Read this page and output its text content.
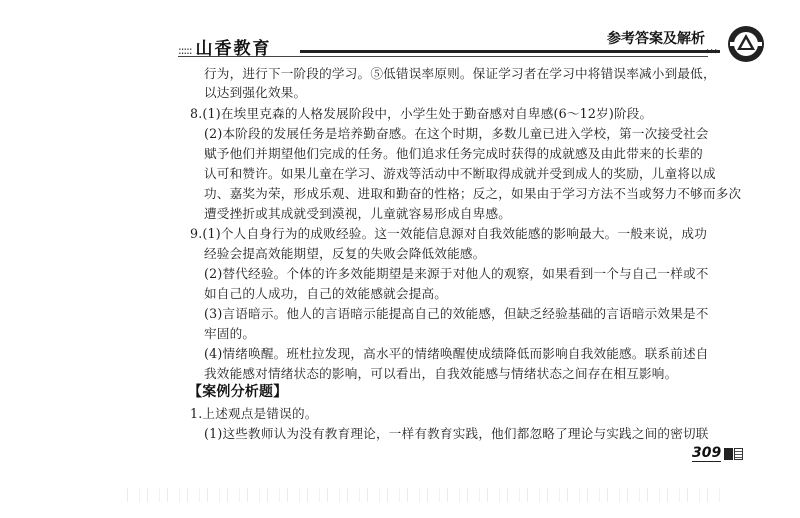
::::: 山香教育	参考答案及解析
›››
行为，进行下一阶段的学习。⑤低错误率原则。保证学习者在学习中将错误率减小到最低，
以达到强化效果。
8.(1)在埃里克森的人格发展阶段中，小学生处于勤奋感对自卑感(6～12岁)阶段。
(2)本阶段的发展任务是培养勤奋感。在这个时期，多数儿童已进入学校，第一次接受社会
赋予他们并期望他们完成的任务。他们追求任务完成时获得的成就感及由此带来的长辈的
认可和赞许。如果儿童在学习、游戏等活动中不断取得成就并受到成人的奖励，儿童将以成
功、嘉奖为荣，形成乐观、进取和勤奋的性格；反之，如果由于学习方法不当或努力不够而多次
遭受挫折或其成就受到漠视，儿童就容易形成自卑感。
9.(1)个人自身行为的成败经验。这一效能信息源对自我效能感的影响最大。一般来说，成功
经验会提高效能期望，反复的失败会降低效能感。
(2)替代经验。个体的许多效能期望是来源于对他人的观察，如果看到一个与自己一样或不
如自己的人成功，自己的效能感就会提高。
(3)言语暗示。他人的言语暗示能提高自己的效能感，但缺乏经验基础的言语暗示效果是不
牢固的。
(4)情绪唤醒。班杜拉发现，高水平的情绪唤醒使成绩降低而影响自我效能感。联系前述自
我效能感对情绪状态的影响，可以看出，自我效能感与情绪状态之间存在相互影响。
【案例分析题】
1.上述观点是错误的。
(1)这些教师认为没有教育理论，一样有教育实践，他们都忽略了理论与实践之间的密切联
309
